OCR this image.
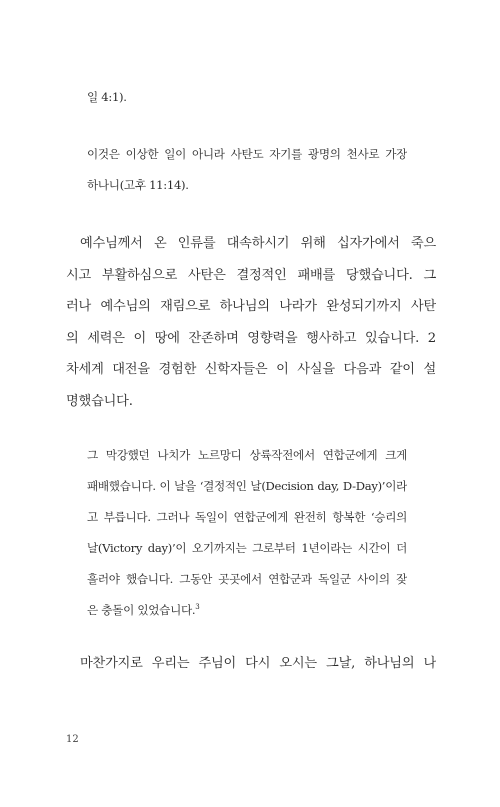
일 4:1).
이것은 이상한 일이 아니라 사탄도 자기를 광명의 천사로 가장
하나니(고후 11:14).
예수님께서 온 인류를 대속하시기 위해 십자가에서 죽으
시고 부활하심으로 사탄은 결정적인 패배를 당했습니다. 그
러나 예수님의 재림으로 하나님의 나라가 완성되기까지 사탄
의 세력은 이 땅에 잔존하며 영향력을 행사하고 있습니다. 2
차세계 대전을 경험한 신학자들은 이 사실을 다음과 같이 설
명했습니다.
그 막강했던 나치가 노르망디 상륙작전에서 연합군에게 크게
패배했습니다. 이 날을 ‘결정적인 날(Decision day, D-Day)’이라
고 부릅니다. 그러나 독일이 연합군에게 완전히 항복한 ‘승리의
날(Victory day)’이 오기까지는 그로부터 1년이라는 시간이 더
흘러야 했습니다. 그동안 곳곳에서 연합군과 독일군 사이의 잦
은 충돌이 있었습니다.$^3$
마찬가지로 우리는 주님이 다시 오시는 그날, 하나님의 나
12
